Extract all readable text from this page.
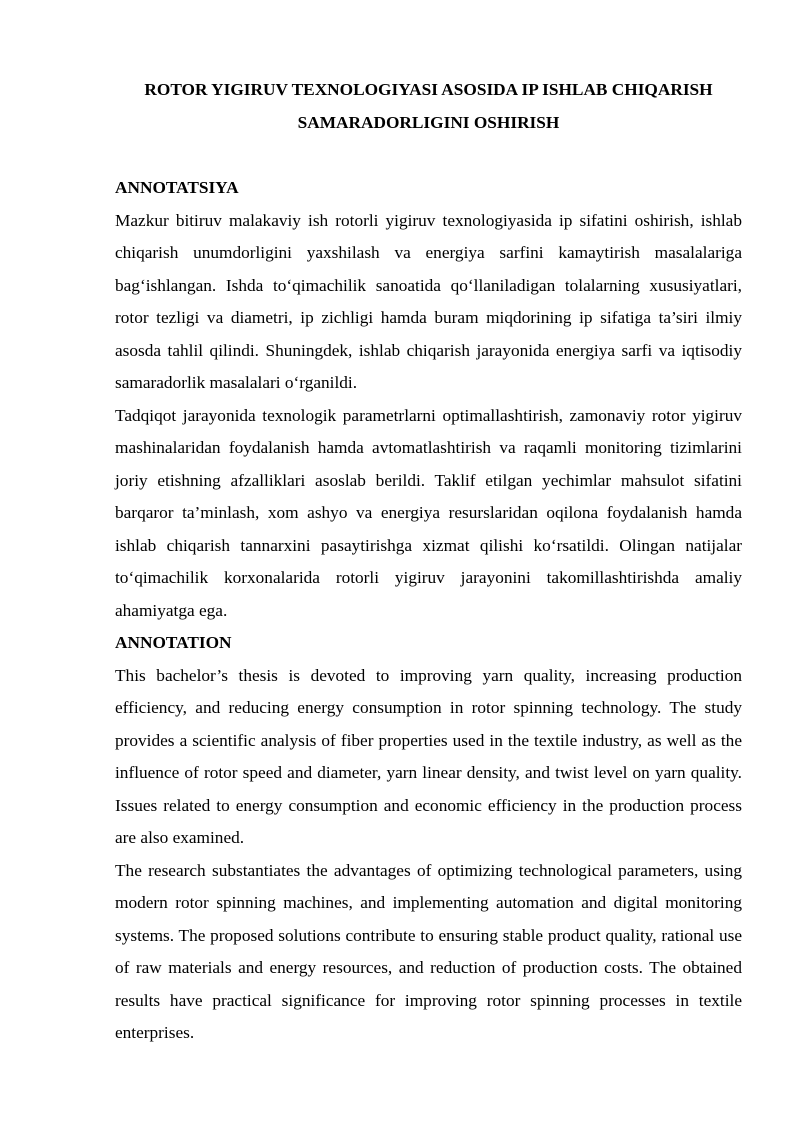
ROTOR YIGIRUV TEXNOLOGIYASI ASOSIDA IP ISHLAB CHIQARISH
SAMARADORLIGINI OSHIRISH
ANNOTATSIYA

Mazkur bitiruv malakaviy ish rotorli yigiruv texnologiyasida ip sifatini oshirish, ishlab chiqarish unumdorligini yaxshilash va energiya sarfini kamaytirish masalalariga bag‘ishlangan. Ishda to‘qimachilik sanoatida qo‘llaniladigan tolalarning xususiyatlari, rotor tezligi va diametri, ip zichligi hamda buram miqdorining ip sifatiga ta’siri ilmiy asosda tahlil qilindi. Shuningdek, ishlab chiqarish jarayonida energiya sarfi va iqtisodiy samaradorlik masalalari o‘rganildi.

Tadqiqot jarayonida texnologik parametrlarni optimallashtirish, zamonaviy rotor yigiruv mashinalaridan foydalanish hamda avtomatlashtirish va raqamli monitoring tizimlarini joriy etishning afzalliklari asoslab berildi. Taklif etilgan yechimlar mahsulot sifatini barqaror ta’minlash, xom ashyo va energiya resurslaridan oqilona foydalanish hamda ishlab chiqarish tannarxini pasaytirishga xizmat qilishi ko‘rsatildi. Olingan natijalar to‘qimachilik korxonalarida rotorli yigiruv jarayonini takomillashtirishda amaliy ahamiyatga ega.

ANNOTATION

This bachelor’s thesis is devoted to improving yarn quality, increasing production efficiency, and reducing energy consumption in rotor spinning technology. The study provides a scientific analysis of fiber properties used in the textile industry, as well as the influence of rotor speed and diameter, yarn linear density, and twist level on yarn quality. Issues related to energy consumption and economic efficiency in the production process are also examined.

The research substantiates the advantages of optimizing technological parameters, using modern rotor spinning machines, and implementing automation and digital monitoring systems. The proposed solutions contribute to ensuring stable product quality, rational use of raw materials and energy resources, and reduction of production costs. The obtained results have practical significance for improving rotor spinning processes in textile enterprises.
